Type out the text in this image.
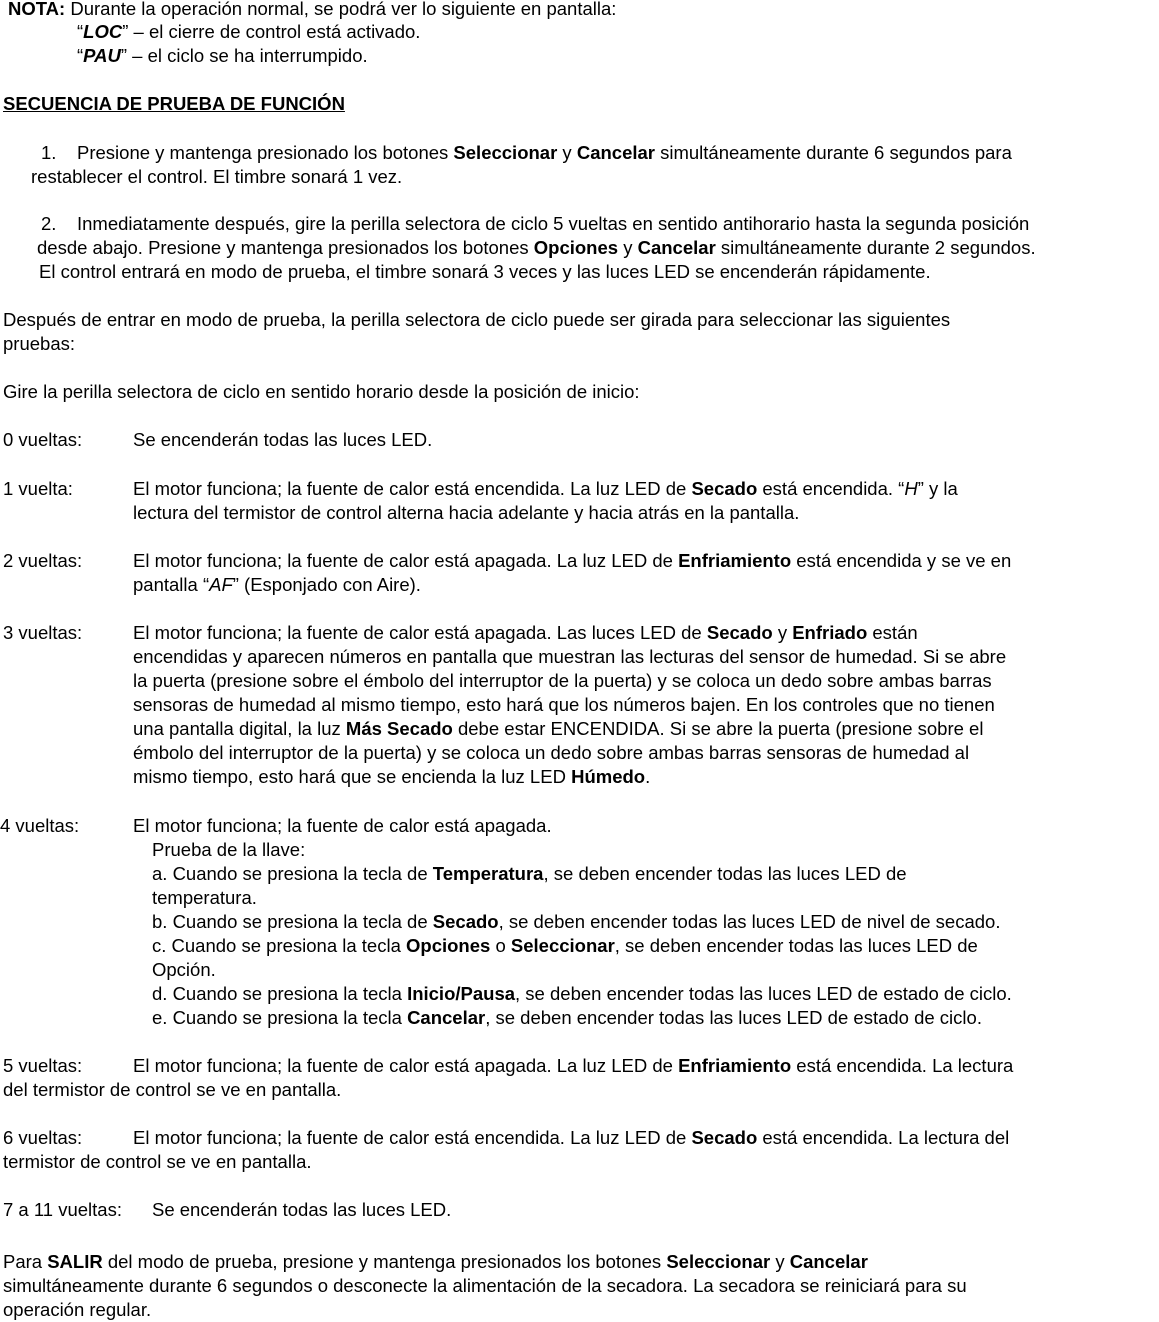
NOTA: Durante la operación normal, se podrá ver lo siguiente en pantalla:
“LOC” – el cierre de control está activado.
“PAU” – el ciclo se ha interrumpido.
SECUENCIA DE PRUEBA DE FUNCIÓN
1. Presione y mantenga presionado los botones Seleccionar y Cancelar simultáneamente durante 6 segundos para
restablecer el control. El timbre sonará 1 vez.
2. Inmediatamente después, gire la perilla selectora de ciclo 5 vueltas en sentido antihorario hasta la segunda posición
desde abajo. Presione y mantenga presionados los botones Opciones y Cancelar simultáneamente durante 2 segundos.
El control entrará en modo de prueba, el timbre sonará 3 veces y las luces LED se encenderán rápidamente.
Después de entrar en modo de prueba, la perilla selectora de ciclo puede ser girada para seleccionar las siguientes
pruebas:
Gire la perilla selectora de ciclo en sentido horario desde la posición de inicio:
0 vueltas:	Se encenderán todas las luces LED.
1 vuelta:	El motor funciona; la fuente de calor está encendida. La luz LED de Secado está encendida. “H” y la
lectura del termistor de control alterna hacia adelante y hacia atrás en la pantalla.
2 vueltas:	El motor funciona; la fuente de calor está apagada. La luz LED de Enfriamiento está encendida y se ve en
pantalla “AF” (Esponjado con Aire).
3 vueltas:	El motor funciona; la fuente de calor está apagada. Las luces LED de Secado y Enfriado están
encendidas y aparecen números en pantalla que muestran las lecturas del sensor de humedad. Si se abre
la puerta (presione sobre el émbolo del interruptor de la puerta) y se coloca un dedo sobre ambas barras
sensoras de humedad al mismo tiempo, esto hará que los números bajen. En los controles que no tienen
una pantalla digital, la luz Más Secado debe estar ENCENDIDA. Si se abre la puerta (presione sobre el
émbolo del interruptor de la puerta) y se coloca un dedo sobre ambas barras sensoras de humedad al
mismo tiempo, esto hará que se encienda la luz LED Húmedo.
4 vueltas:	El motor funciona; la fuente de calor está apagada.
Prueba de la llave:
a. Cuando se presiona la tecla de Temperatura, se deben encender todas las luces LED de
temperatura.
b. Cuando se presiona la tecla de Secado, se deben encender todas las luces LED de nivel de secado.
c. Cuando se presiona la tecla Opciones o Seleccionar, se deben encender todas las luces LED de
Opción.
d. Cuando se presiona la tecla Inicio/Pausa, se deben encender todas las luces LED de estado de ciclo.
e. Cuando se presiona la tecla Cancelar, se deben encender todas las luces LED de estado de ciclo.
5 vueltas:	El motor funciona; la fuente de calor está apagada. La luz LED de Enfriamiento está encendida. La lectura
del termistor de control se ve en pantalla.
6 vueltas:	El motor funciona; la fuente de calor está encendida. La luz LED de Secado está encendida. La lectura del
termistor de control se ve en pantalla.
7 a 11 vueltas: Se encenderán todas las luces LED.
Para SALIR del modo de prueba, presione y mantenga presionados los botones Seleccionar y Cancelar
simultáneamente durante 6 segundos o desconecte la alimentación de la secadora. La secadora se reiniciará para su
operación regular.
